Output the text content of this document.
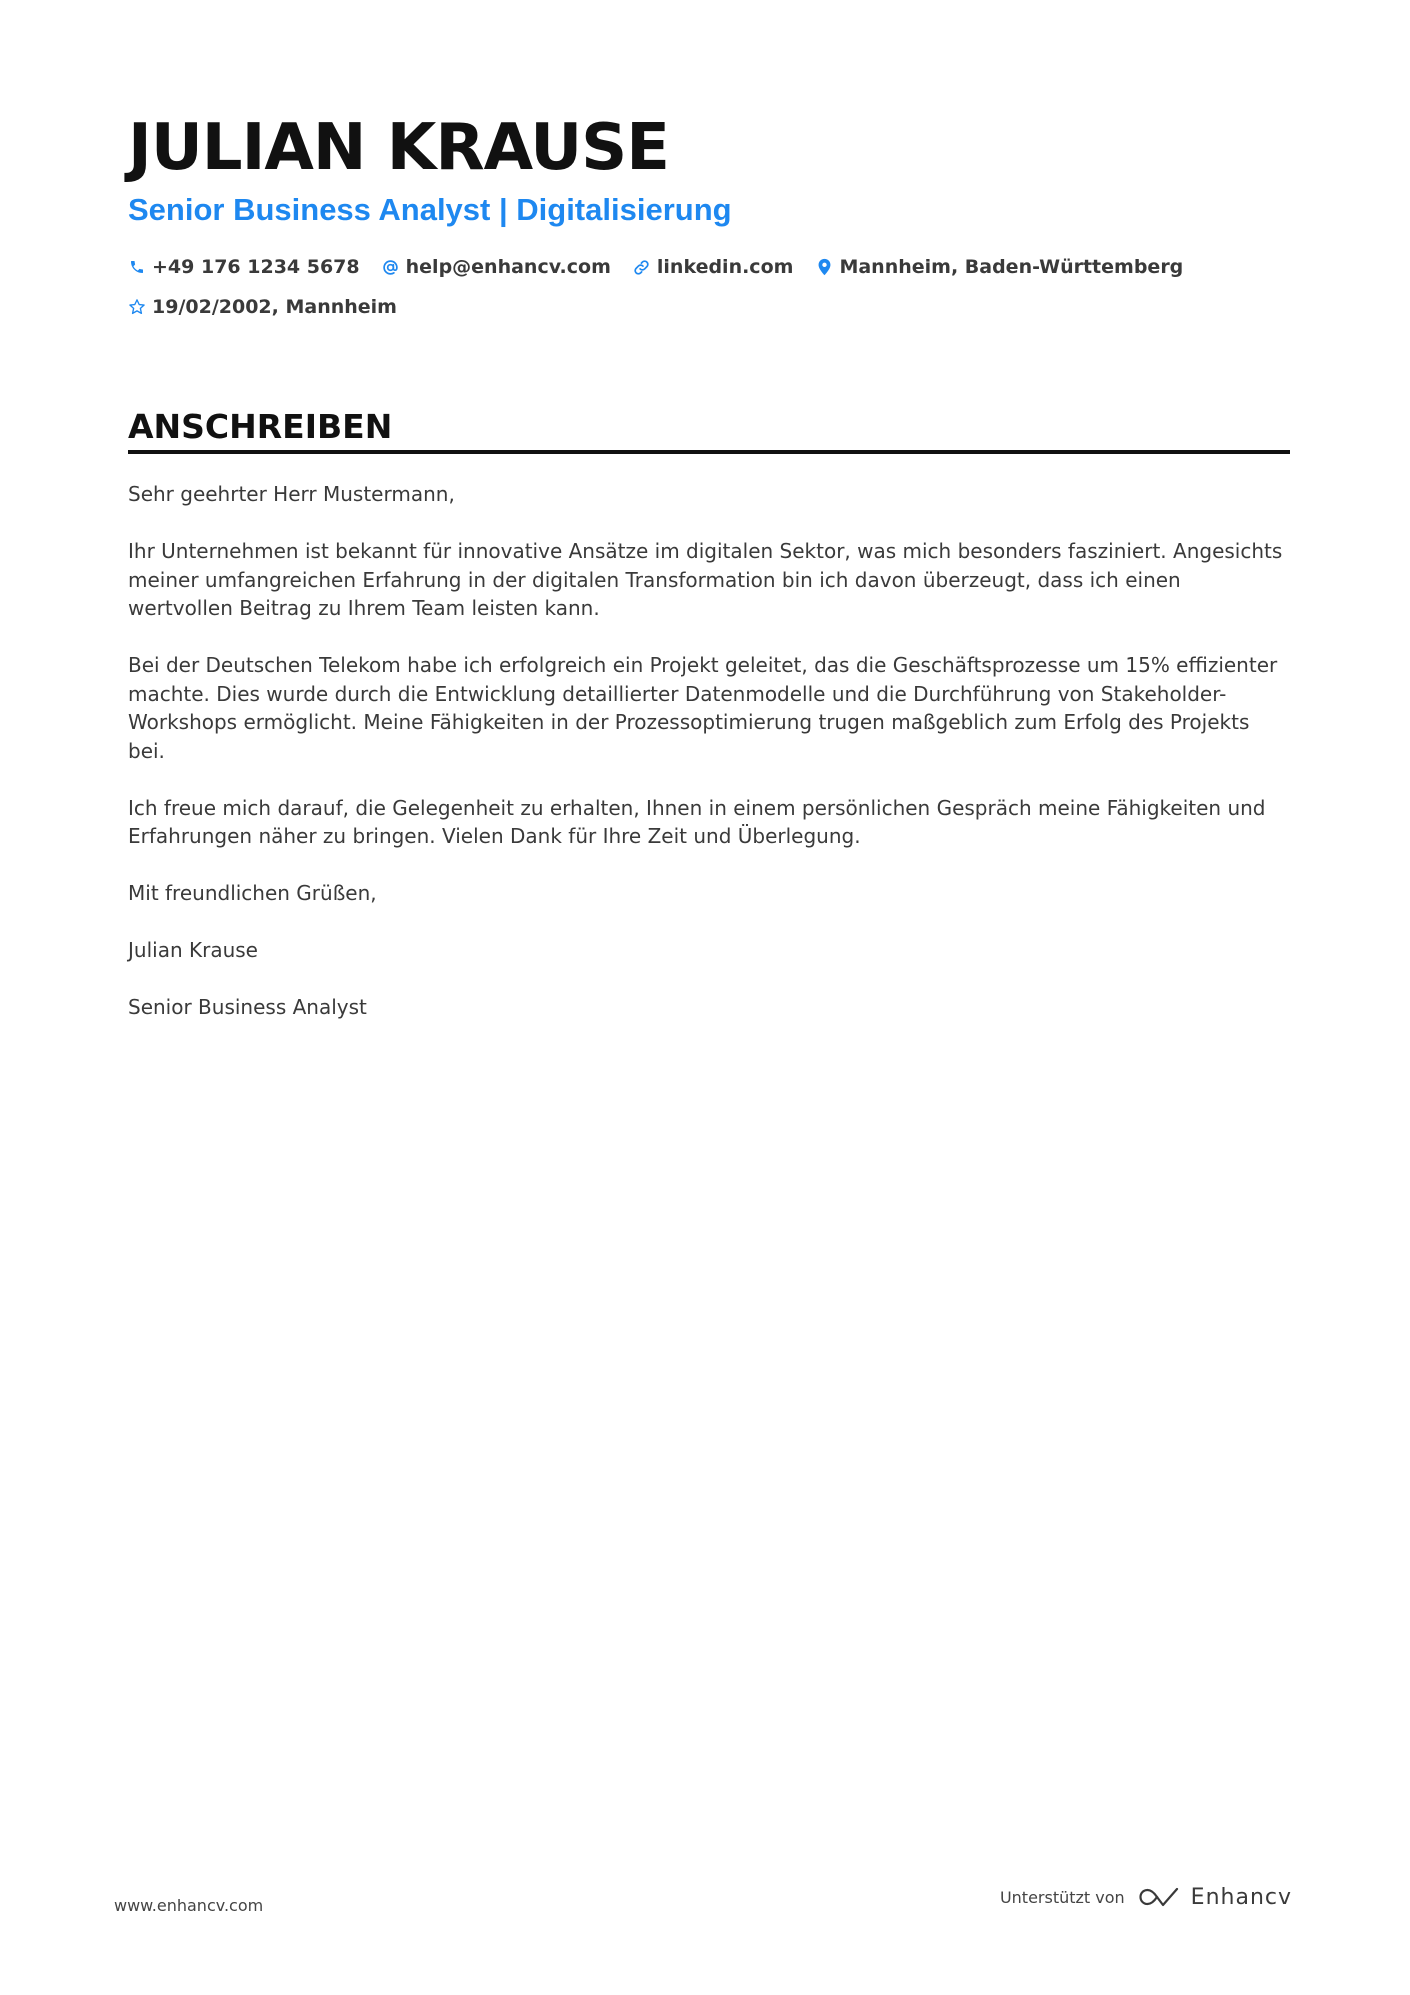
JULIAN KRAUSE
Senior Business Analyst | Digitalisierung
+49 176 1234 5678 help@enhancv.com linkedin.com Mannheim, Baden-Württemberg
19/02/2002, Mannheim
ANSCHREIBEN

Sehr geehrter Herr Mustermann,

Ihr Unternehmen ist bekannt für innovative Ansätze im digitalen Sektor, was mich besonders fasziniert. Angesichts meiner umfangreichen Erfahrung in der digitalen Transformation bin ich davon überzeugt, dass ich einen wertvollen Beitrag zu Ihrem Team leisten kann.

Bei der Deutschen Telekom habe ich erfolgreich ein Projekt geleitet, das die Geschäftsprozesse um 15% effizienter machte. Dies wurde durch die Entwicklung detaillierter Datenmodelle und die Durchführung von Stakeholder-Workshops ermöglicht. Meine Fähigkeiten in der Prozessoptimierung trugen maßgeblich zum Erfolg des Projekts bei.

Ich freue mich darauf, die Gelegenheit zu erhalten, Ihnen in einem persönlichen Gespräch meine Fähigkeiten und Erfahrungen näher zu bringen. Vielen Dank für Ihre Zeit und Überlegung.

Mit freundlichen Grüßen,

Julian Krause

Senior Business Analyst

www.enhancv.com	Unterstützt von	Enhancv
